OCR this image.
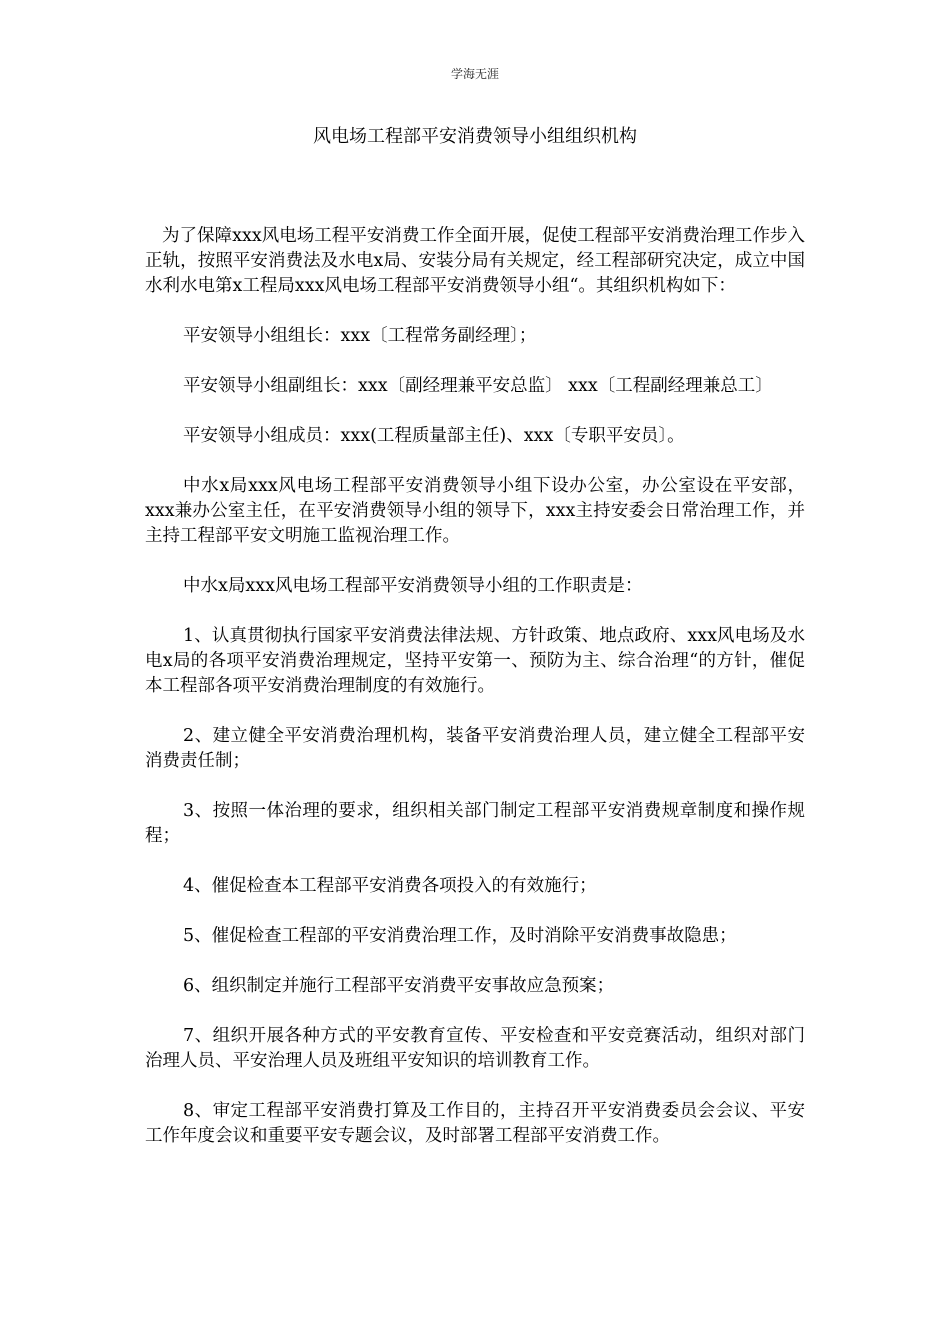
学海无涯
风电场工程部平安消费领导小组组织机构

为了保障xxx风电场工程平安消费工作全面开展，促使工程部平安消费治理工作步入正轨，按照平安消费法及水电x局、安装分局有关规定，经工程部研究决定，成立中国水利水电第x工程局xxx风电场工程部平安消费领导小组“。其组织机构如下：

平安领导小组组长：xxx〔工程常务副经理〕；

平安领导小组副组长：xxx〔副经理兼平安总监〕 xxx〔工程副经理兼总工〕

平安领导小组成员：xxx(工程质量部主任)、xxx〔专职平安员〕。

中水x局xxx风电场工程部平安消费领导小组下设办公室，办公室设在平安部，xxx兼办公室主任，在平安消费领导小组的领导下，xxx主持安委会日常治理工作，并主持工程部平安文明施工监视治理工作。

中水x局xxx风电场工程部平安消费领导小组的工作职责是：

1、认真贯彻执行国家平安消费法律法规、方针政策、地点政府、xxx风电场及水电x局的各项平安消费治理规定，坚持平安第一、预防为主、综合治理“的方针，催促本工程部各项平安消费治理制度的有效施行。

2、建立健全平安消费治理机构，装备平安消费治理人员，建立健全工程部平安消费责任制；

3、按照一体治理的要求，组织相关部门制定工程部平安消费规章制度和操作规程；

4、催促检查本工程部平安消费各项投入的有效施行；

5、催促检查工程部的平安消费治理工作，及时消除平安消费事故隐患；

6、组织制定并施行工程部平安消费平安事故应急预案；

7、组织开展各种方式的平安教育宣传、平安检查和平安竞赛活动，组织对部门治理人员、平安治理人员及班组平安知识的培训教育工作。

8、审定工程部平安消费打算及工作目的，主持召开平安消费委员会会议、平安工作年度会议和重要平安专题会议，及时部署工程部平安消费工作。
